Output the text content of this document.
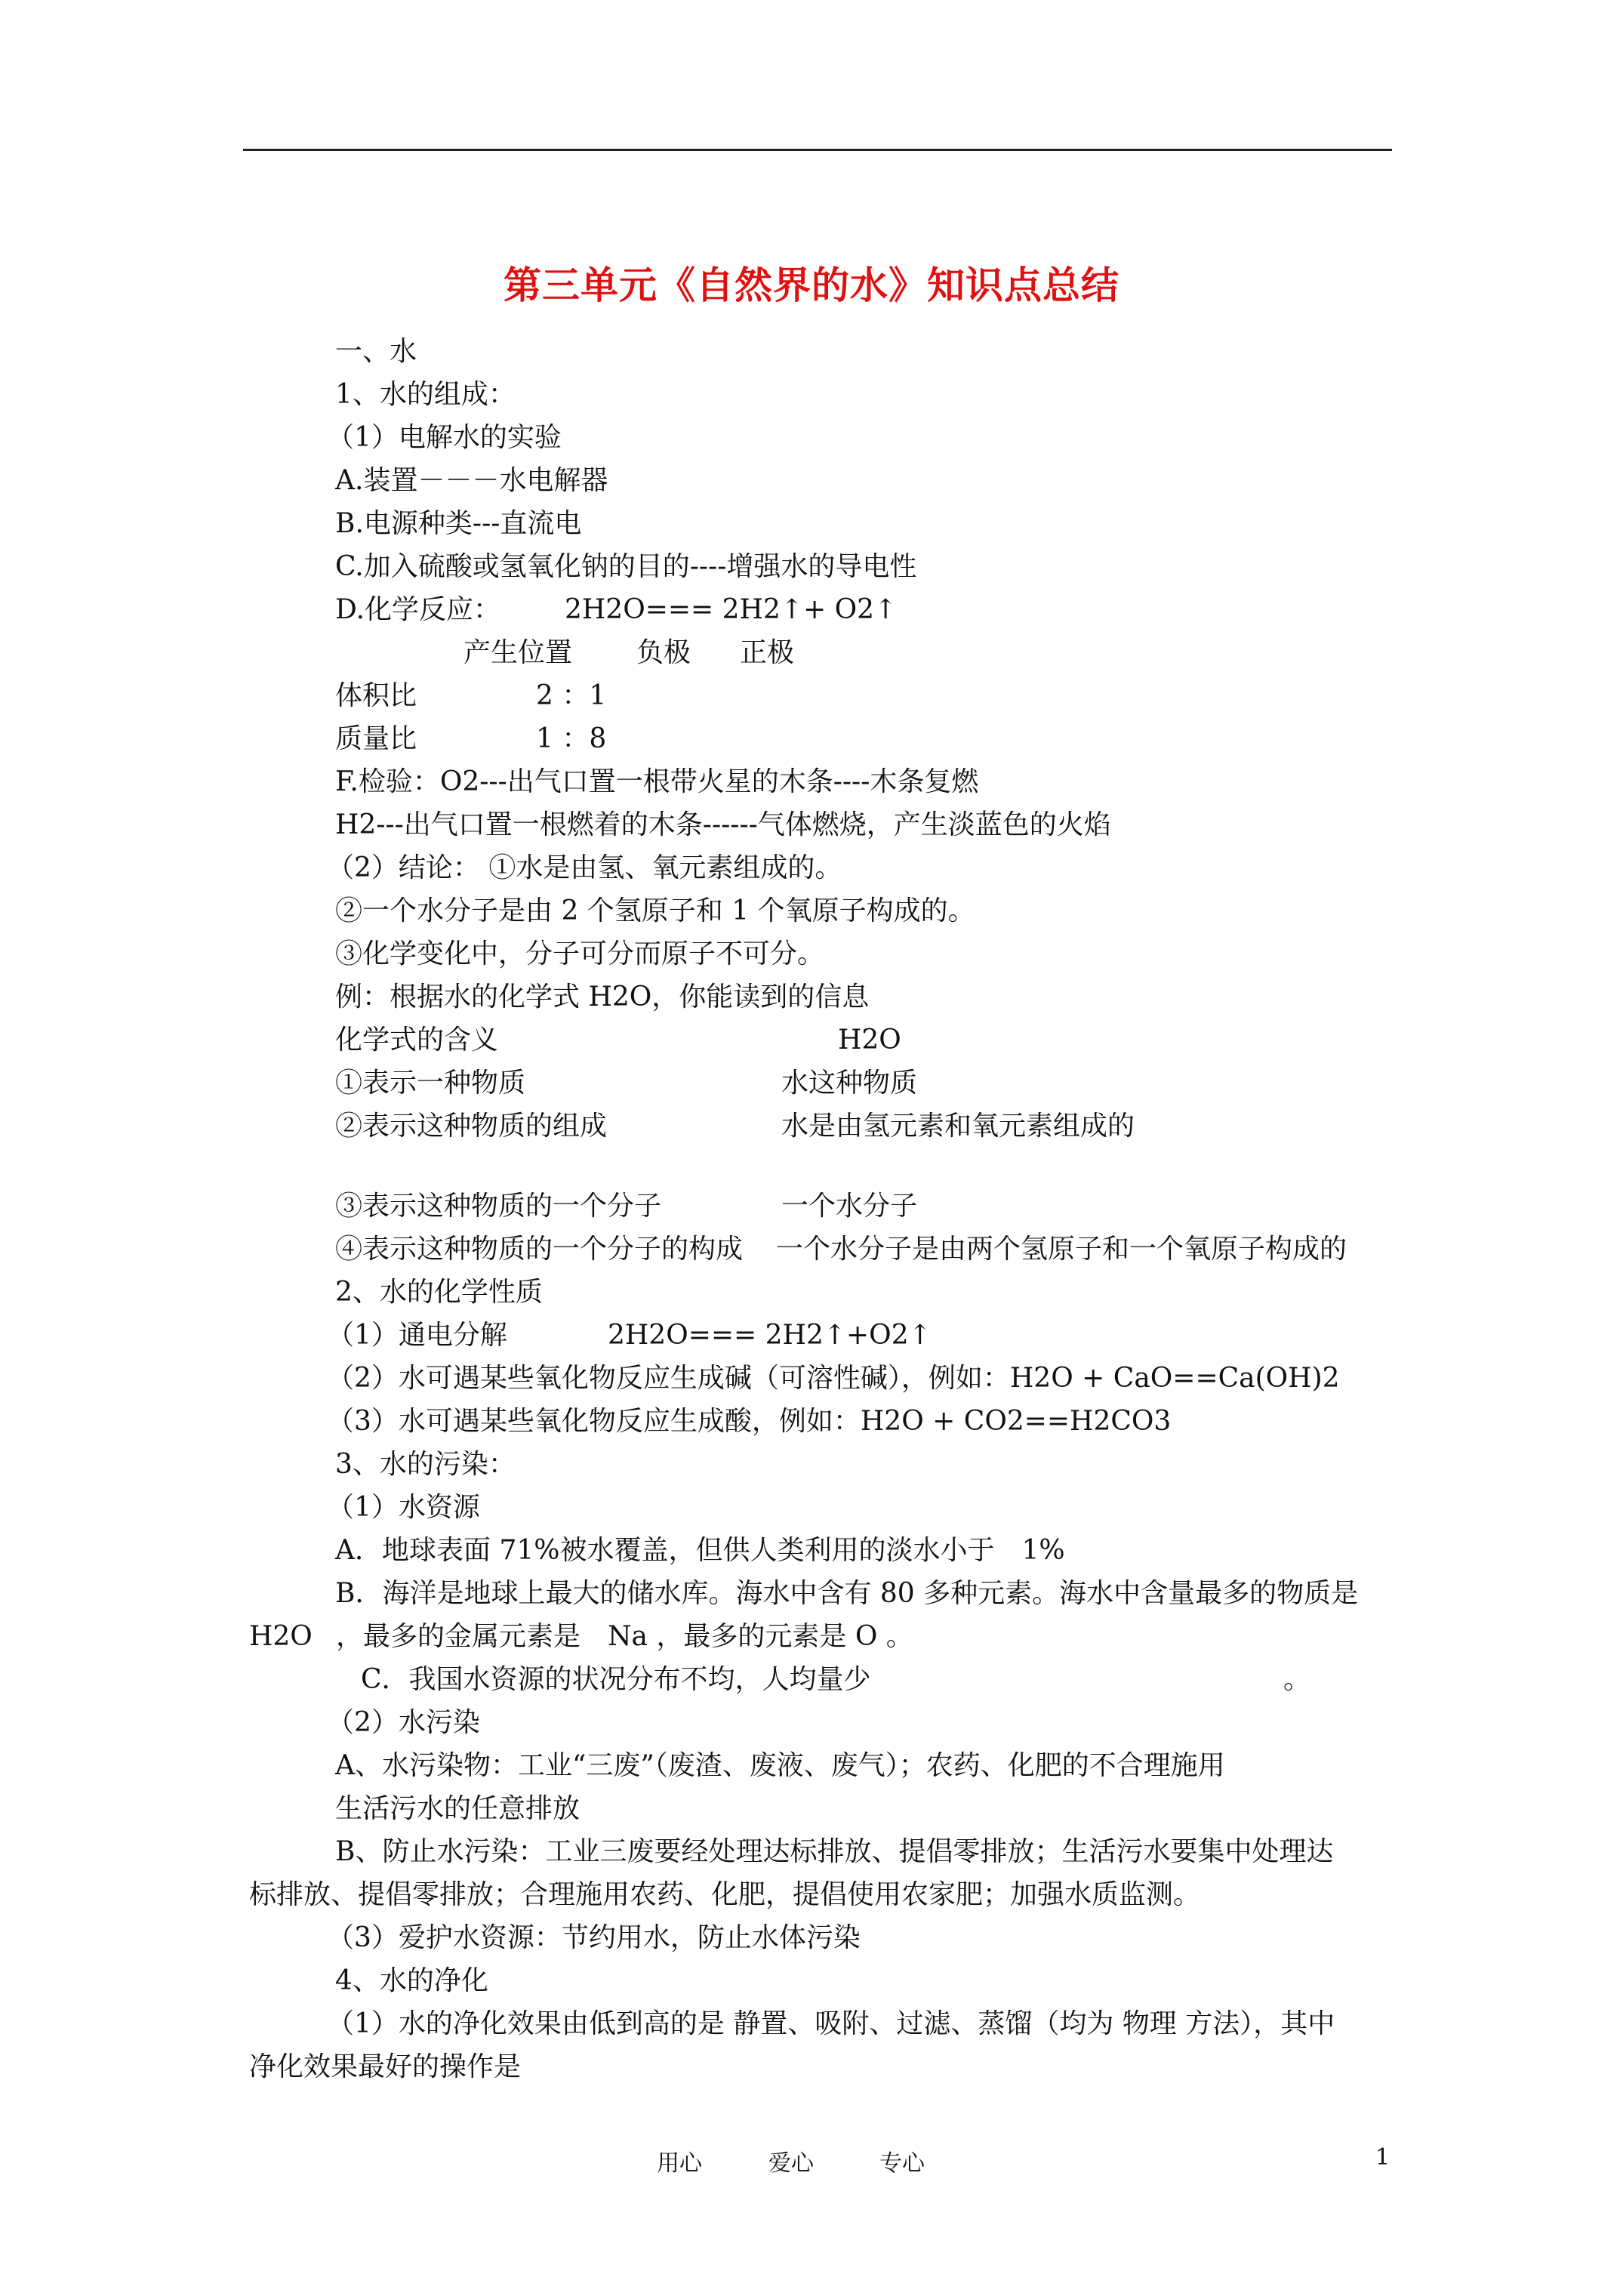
第三单元《自然界的水》知识点总结
一、水
1、水的组成：
（1）电解水的实验
A.装置－－－水电解器
B.电源种类---直流电
C.加入硫酸或氢氧化钠的目的----增强水的导电性
D.化学反应： 2H2O=== 2H2↑+ O2↑
产生位置 负极 正极
体积比	2 ：1
质量比	1 ：8
F.检验：O2---出气口置一根带火星的木条----木条复燃
H2---出气口置一根燃着的木条------气体燃烧，产生淡蓝色的火焰
（2）结论： ①水是由氢、氧元素组成的。
②一个水分子是由 2 个氢原子和 1 个氧原子构成的。
③化学变化中，分子可分而原子不可分。
例：根据水的化学式 H2O，你能读到的信息
化学式的含义	H2O
①表示一种物质	水这种物质
②表示这种物质的组成	水是由氢元素和氧元素组成的
③表示这种物质的一个分子	一个水分子
④表示这种物质的一个分子的构成 一个水分子是由两个氢原子和一个氧原子构成的
2、水的化学性质
（1）通电分解	2H2O=== 2H2↑+O2↑
（2）水可遇某些氧化物反应生成碱（可溶性碱），例如：H2O + CaO==Ca(OH)2
（3）水可遇某些氧化物反应生成酸，例如：H2O + CO2==H2CO3
3、水的污染：
（1）水资源
A．地球表面 71%被水覆盖，但供人类利用的淡水小于　1%
B．海洋是地球上最大的储水库。海水中含有 80 多种元素。海水中含量最多的物质是
H2O ，最多的金属元素是　Na ，最多的元素是 O 。
C．我国水资源的状况分布不均，人均量少	。
（2）水污染
A、水污染物：工业“三废”（废渣、废液、废气）；农药、化肥的不合理施用
生活污水的任意排放
B、防止水污染：工业三废要经处理达标排放、提倡零排放；生活污水要集中处理达
标排放、提倡零排放；合理施用农药、化肥，提倡使用农家肥；加强水质监测。
（3）爱护水资源：节约用水，防止水体污染
4、水的净化
（1）水的净化效果由低到高的是 静置、吸附、过滤、蒸馏（均为 物理 方法），其中
净化效果最好的操作是
用心	爱心	专心	1
